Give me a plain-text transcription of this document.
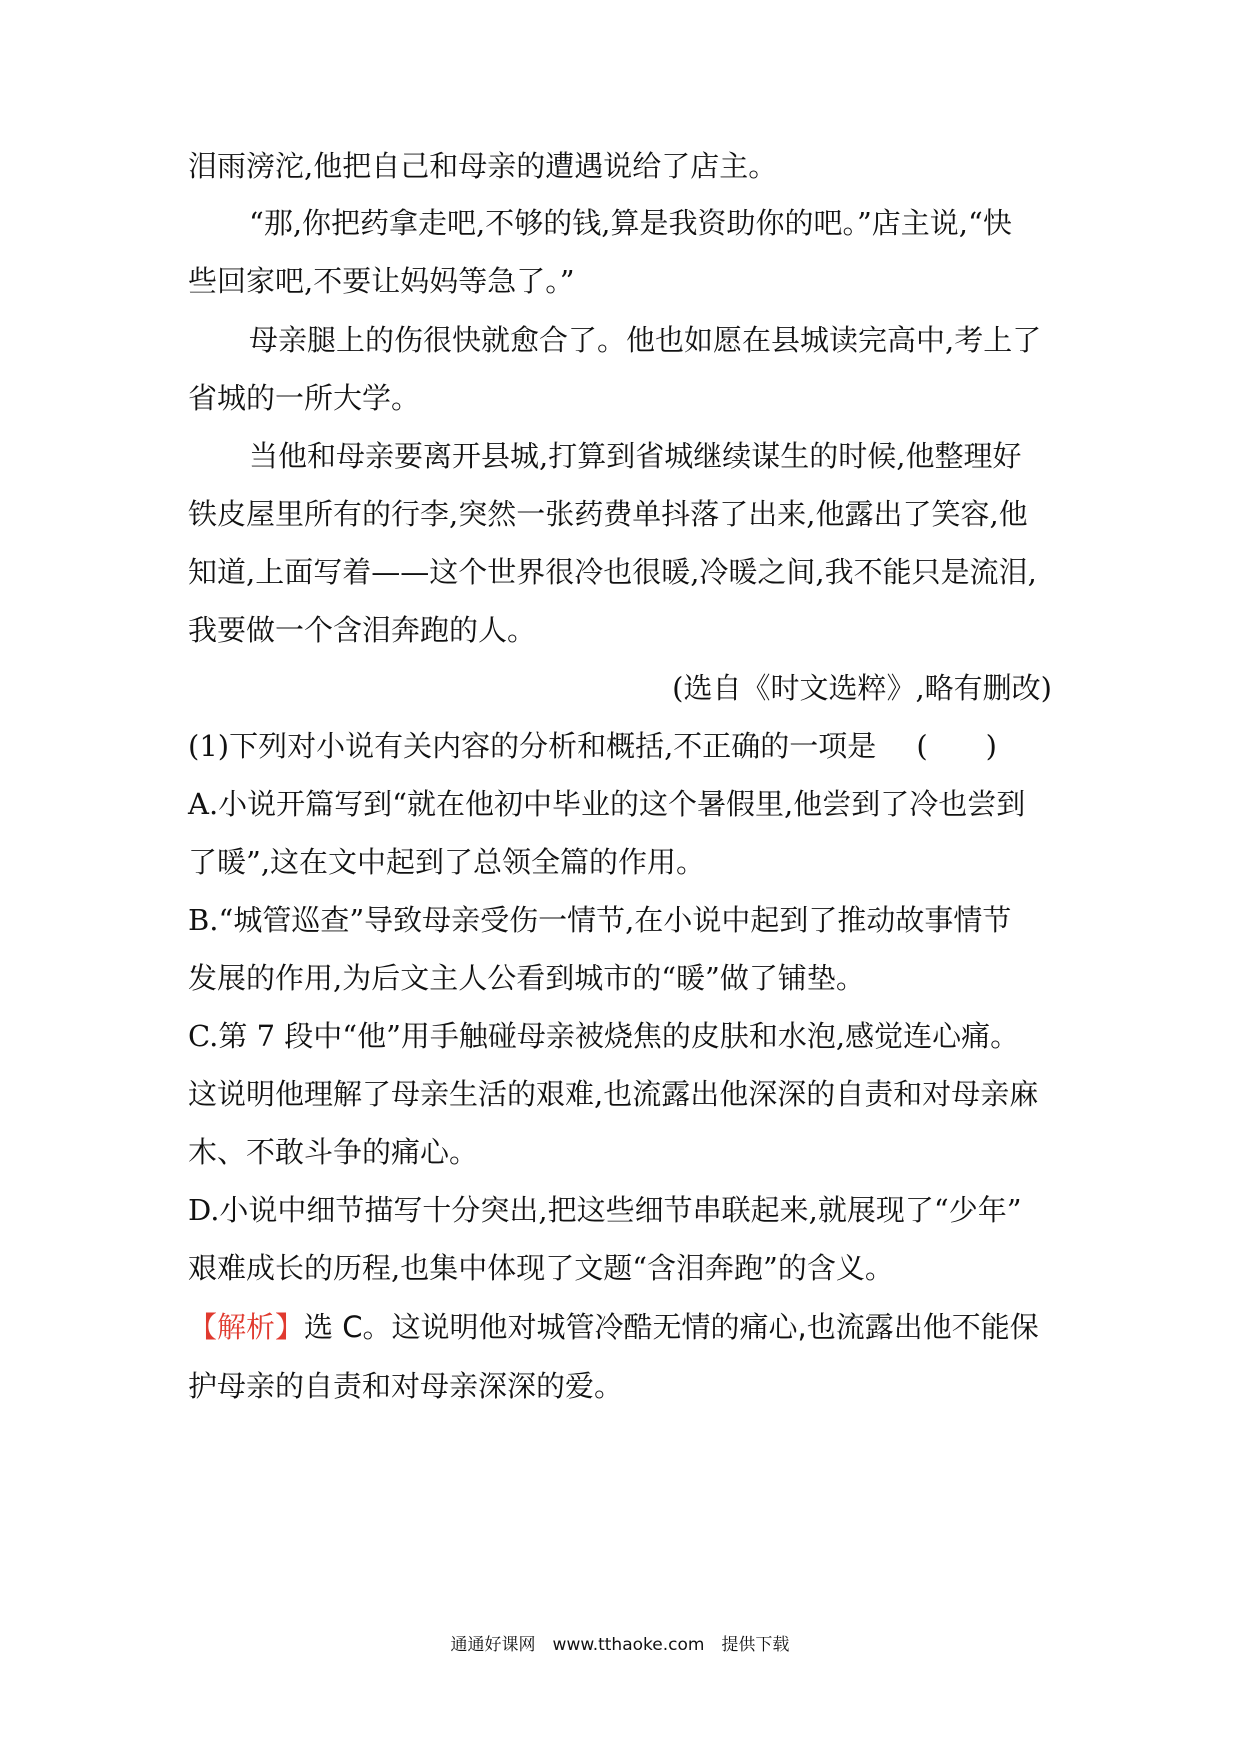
泪雨滂沱,他把自己和母亲的遭遇说给了店主。
“那,你把药拿走吧,不够的钱,算是我资助你的吧。”店主说,“快
些回家吧,不要让妈妈等急了。”
母亲腿上的伤很快就愈合了。他也如愿在县城读完高中,考上了
省城的一所大学。
当他和母亲要离开县城,打算到省城继续谋生的时候,他整理好
铁皮屋里所有的行李,突然一张药费单抖落了出来,他露出了笑容,他
知道,上面写着——这个世界很冷也很暖,冷暖之间,我不能只是流泪,
我要做一个含泪奔跑的人。
(选自《时文选粹》,略有删改)
(1)下列对小说有关内容的分析和概括,不正确的一项是 (　　)
A.小说开篇写到“就在他初中毕业的这个暑假里,他尝到了冷也尝到
了暖”,这在文中起到了总领全篇的作用。
B.“城管巡查”导致母亲受伤一情节,在小说中起到了推动故事情节
发展的作用,为后文主人公看到城市的“暖”做了铺垫。
C.第 7 段中“他”用手触碰母亲被烧焦的皮肤和水泡,感觉连心痛。
这说明他理解了母亲生活的艰难,也流露出他深深的自责和对母亲麻
木、不敢斗争的痛心。
D.小说中细节描写十分突出,把这些细节串联起来,就展现了“少年”
艰难成长的历程,也集中体现了文题“含泪奔跑”的含义。
【解析】选 C。这说明他对城管冷酷无情的痛心,也流露出他不能保
护母亲的自责和对母亲深深的爱。
通通好课网　www.tthaoke.com　提供下载
